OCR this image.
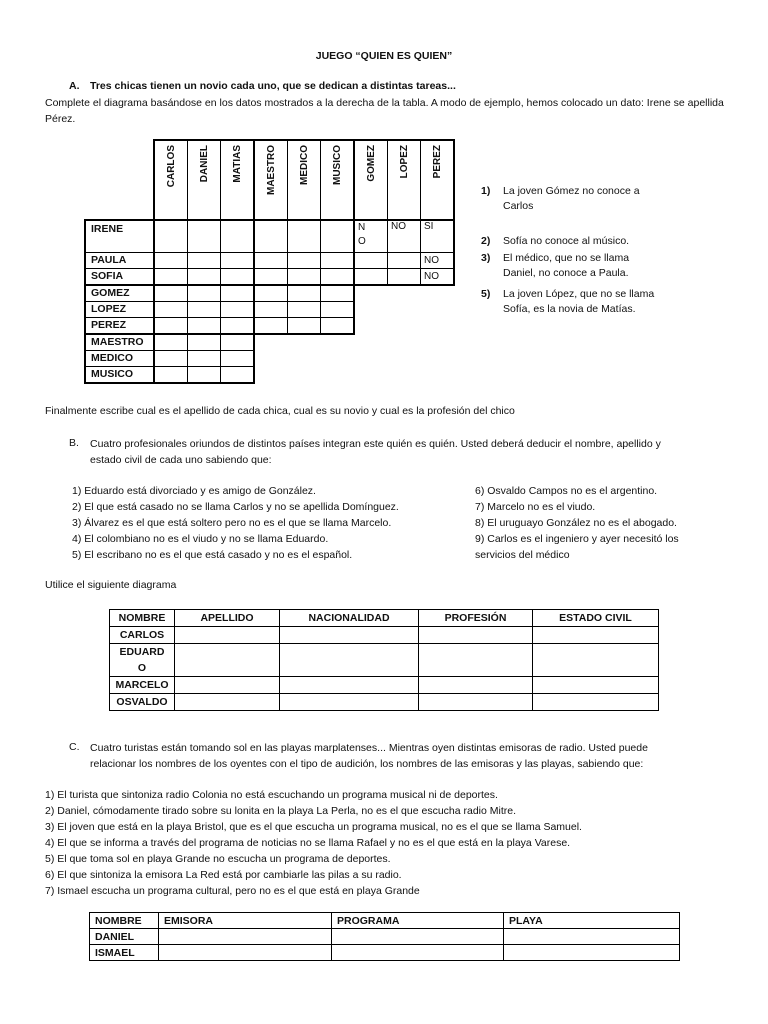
JUEGO “QUIEN ES QUIEN”
A. Tres chicas tienen un novio cada uno, que se dedican a distintas tareas...
Complete el diagrama basándose en los datos mostrados a la derecha de la tabla. A modo de ejemplo, hemos colocado un dato: Irene se apellida Pérez.

	CARLOS	DANIEL	MATIAS	MAESTRO	MEDICO	MUSICO	GOMEZ	LOPEZ	PEREZ

IRENE							N O	NO	SI
PAULA									NO
SOFIA									NO
GOMEZ									
LOPEZ									
PEREZ									
MAESTRO									
MEDICO									
MUSICO									
1) La joven Gómez no conoce a Carlos
2) Sofía no conoce al músico.
3) El médico, que no se llama Daniel, no conoce a Paula.
5) La joven López, que no se llama Sofía, es la novia de Matías.
Finalmente escribe cual es el apellido de cada chica, cual es su novio y cual es la profesión del chico
B. Cuatro profesionales oriundos de distintos países integran este quién es quién. Usted deberá deducir el nombre, apellido y
estado civil de cada uno sabiendo que:
1) Eduardo está divorciado y es amigo de González.
2) El que está casado no se llama Carlos y no se apellida Domínguez.
3) Álvarez es el que está soltero pero no es el que se llama Marcelo.
4) El colombiano no es el viudo y no se llama Eduardo.
5) El escribano no es el que está casado y no es el español.
6) Osvaldo Campos no es el argentino.
7) Marcelo no es el viudo.
8) El uruguayo González no es el abogado.
9) Carlos es el ingeniero y ayer necesitó los
servicios del médico
Utilice el siguiente diagrama
NOMBRE	APELLIDO	NACIONALIDAD	PROFESIÓN	ESTADO CIVIL
CARLOS				

EDUARD
O				

MARCELO				
OSVALDO				
C. Cuatro turistas están tomando sol en las playas marplatenses... Mientras oyen distintas emisoras de radio. Usted puede
relacionar los nombres de los oyentes con el tipo de audición, los nombres de las emisoras y las playas, sabiendo que:
1) El turista que sintoniza radio Colonia no está escuchando un programa musical ni de deportes.
2) Daniel, cómodamente tirado sobre su lonita en la playa La Perla, no es el que escucha radio Mitre.
3) El joven que está en la playa Bristol, que es el que escucha un programa musical, no es el que se llama Samuel.
4) El que se informa a través del programa de noticias no se llama Rafael y no es el que está en la playa Varese.
5) El que toma sol en playa Grande no escucha un programa de deportes.
6) El que sintoniza la emisora La Red está por cambiarle las pilas a su radio.
7) Ismael escucha un programa cultural, pero no es el que está en playa Grande
NOMBRE	EMISORA	PROGRAMA	PLAYA
DANIEL			
ISMAEL			
